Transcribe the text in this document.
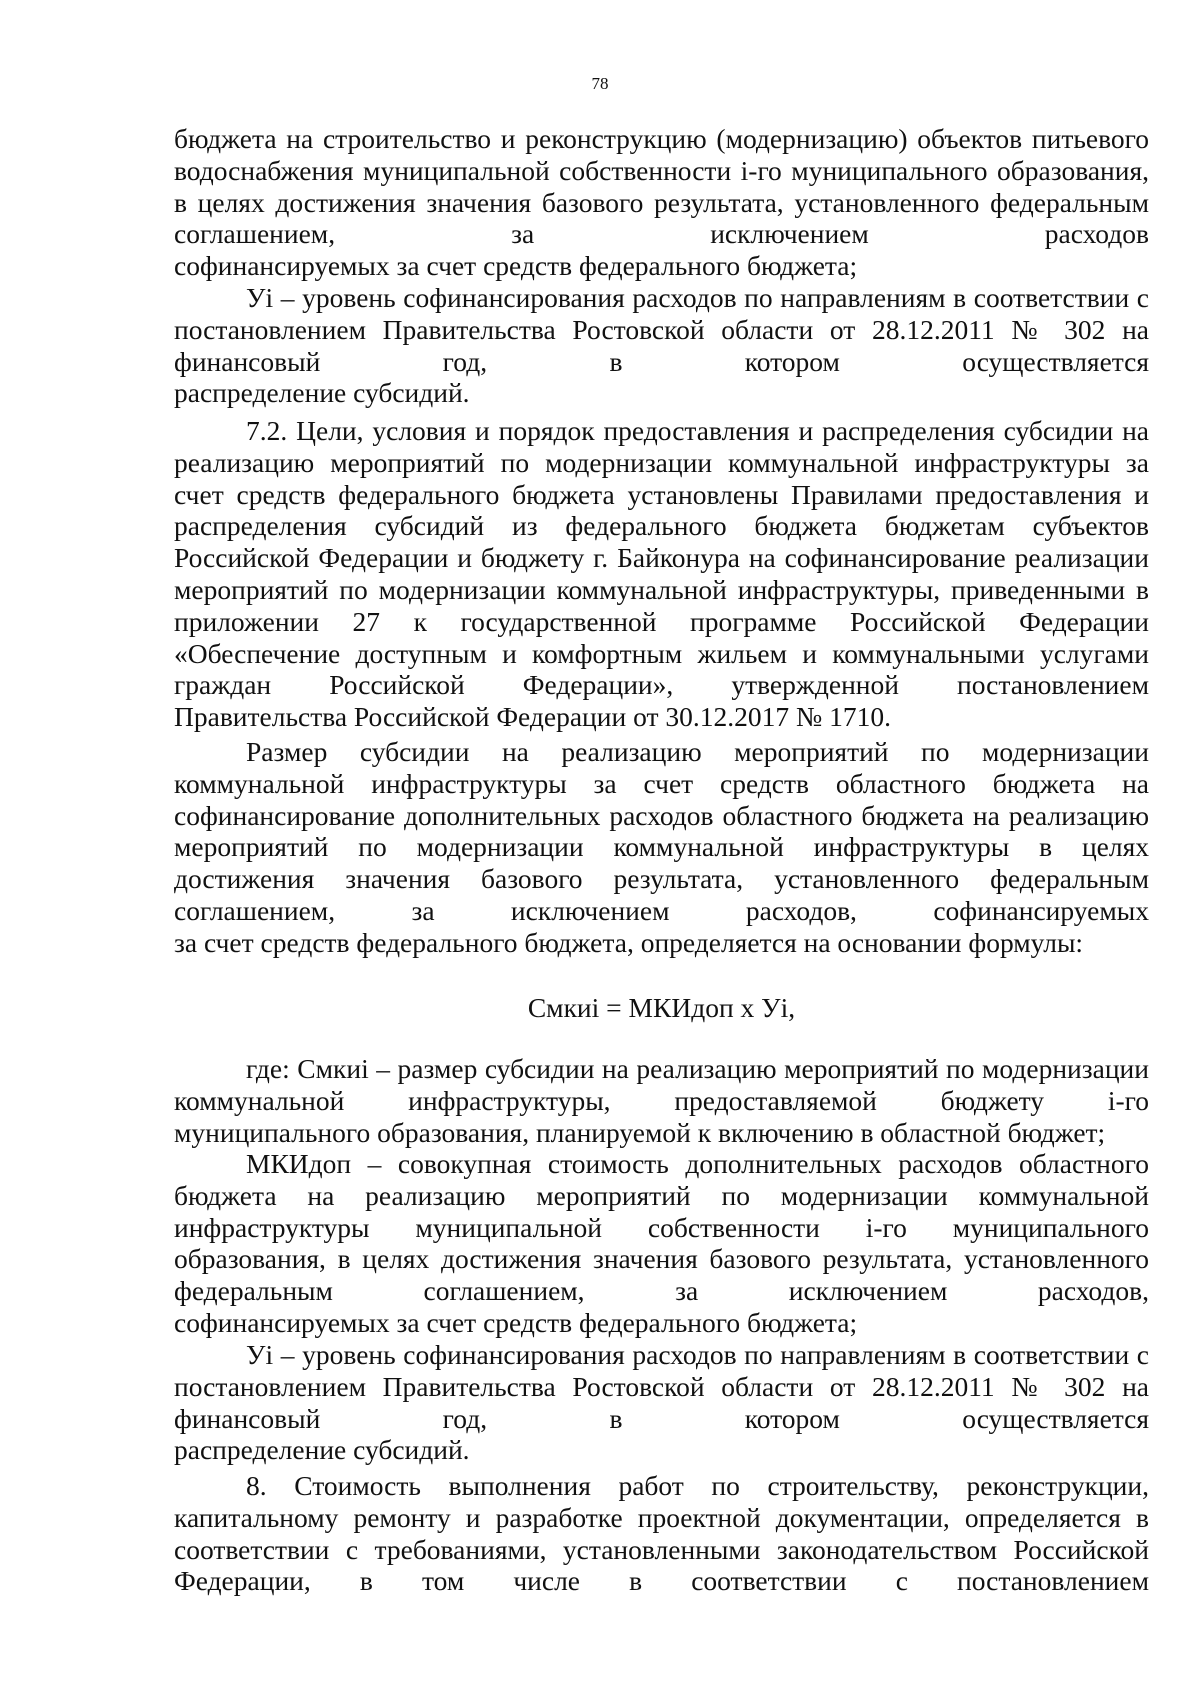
78

бюджета на строительство и реконструкцию (модернизацию) объектов питьевого водоснабжения муниципальной собственности i-го муниципального образования, в целях достижения значения базового результата, установленного федеральным соглашением, за исключением расходов

софинансируемых за счет средств федерального бюджета;

Уi – уровень софинансирования расходов по направлениям в соответствии с постановлением Правительства Ростовской области от 28.12.2011 № 302 на финансовый год, в котором осуществляется

распределение субсидий.

7.2. Цели, условия и порядок предоставления и распределения субсидии на реализацию мероприятий по модернизации коммунальной инфраструктуры за счет средств федерального бюджета установлены Правилами предоставления и распределения субсидий из федерального бюджета бюджетам субъектов Российской Федерации и бюджету г. Байконура на софинансирование реализации мероприятий по модернизации коммунальной инфраструктуры, приведенными в приложении 27 к государственной программе Российской Федерации «Обеспечение доступным и комфортным жильем и коммунальными услугами граждан Российской Федерации», утвержденной постановлением

Правительства Российской Федерации от 30.12.2017 № 1710.

Размер субсидии на реализацию мероприятий по модернизации коммунальной инфраструктуры за счет средств областного бюджета на софинансирование дополнительных расходов областного бюджета на реализацию мероприятий по модернизации коммунальной инфраструктуры в целях достижения значения базового результата, установленного федеральным соглашением, за исключением расходов, софинансируемых

за счет средств федерального бюджета, определяется на основании формулы:

Смкиi = МКИдоп х Уi,

где: Смкиi – размер субсидии на реализацию мероприятий по модернизации коммунальной инфраструктуры, предоставляемой бюджету i-го

муниципального образования, планируемой к включению в областной бюджет;

МКИдоп – совокупная стоимость дополнительных расходов областного бюджета на реализацию мероприятий по модернизации коммунальной инфраструктуры муниципальной собственности i-го муниципального образования, в целях достижения значения базового результата, установленного федеральным соглашением, за исключением расходов,

софинансируемых за счет средств федерального бюджета;

Уi – уровень софинансирования расходов по направлениям в соответствии с постановлением Правительства Ростовской области от 28.12.2011 № 302 на финансовый год, в котором осуществляется

распределение субсидий.

8. Стоимость выполнения работ по строительству, реконструкции, капитальному ремонту и разработке проектной документации, определяется в соответствии с требованиями, установленными законодательством Российской Федерации, в том числе в соответствии с постановлением
